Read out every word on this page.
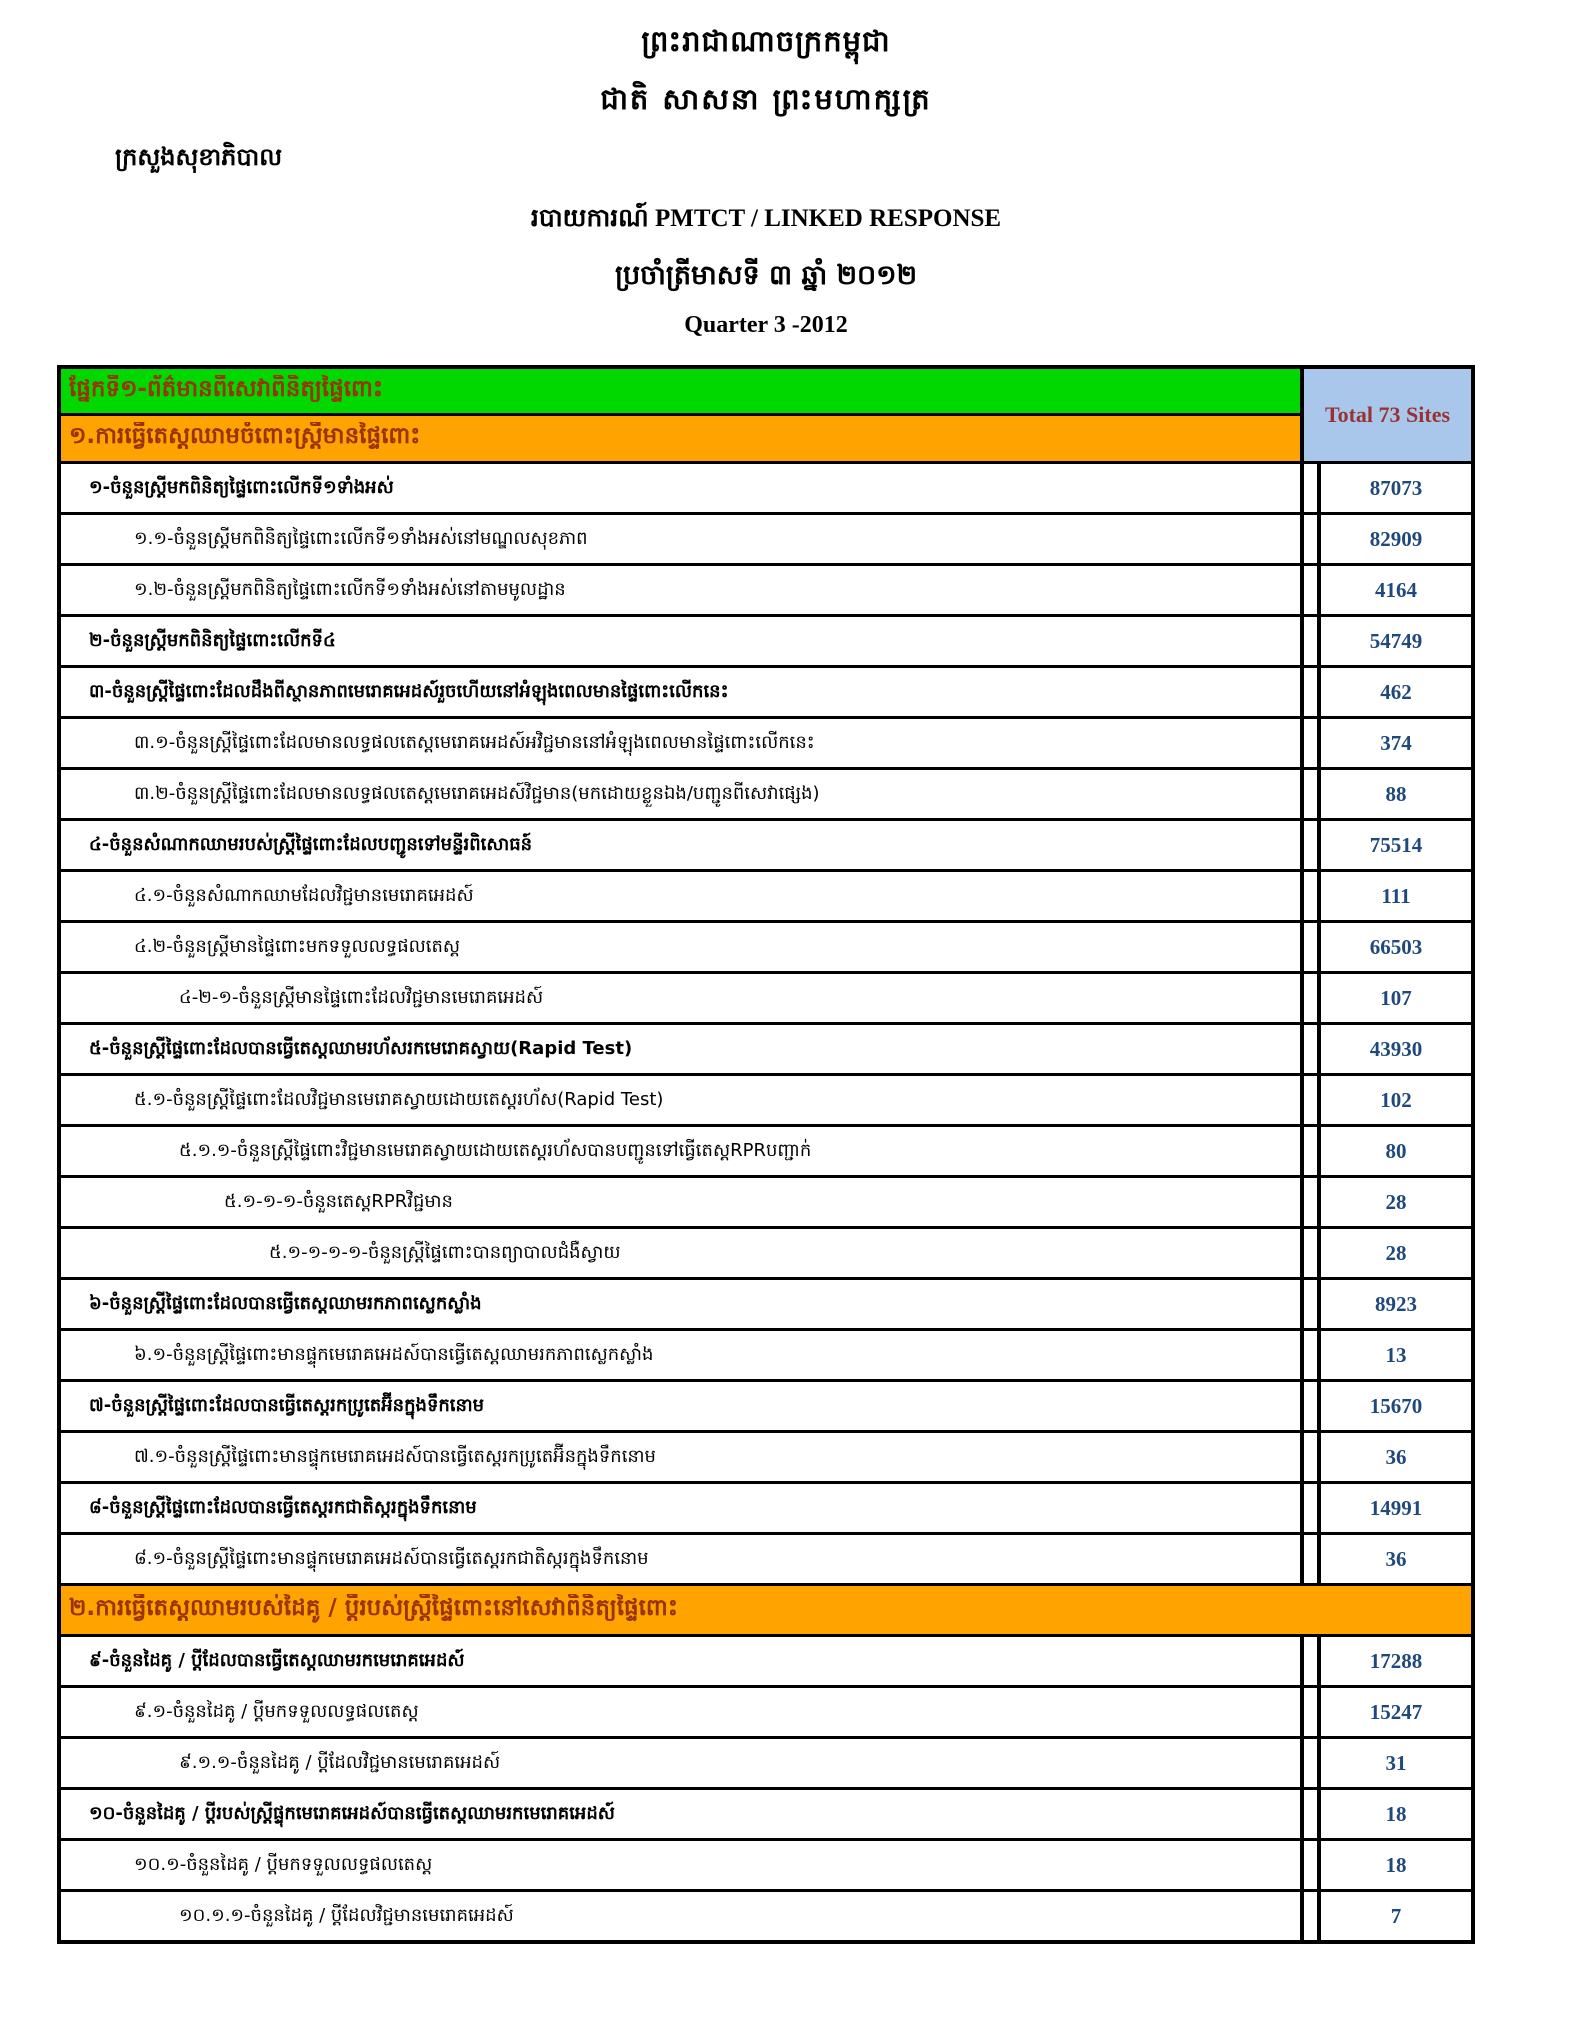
ព្រះរាជាណាចក្រកម្ពុជា
ជាតិ សាសនា ព្រះមហាក្សត្រ
ក្រសួងសុខាភិបាល
របាយការណ៍ PMTCT / LINKED RESPONSE
ប្រចាំត្រីមាសទី ៣ ឆ្នាំ ២០១២
Quarter 3 -2012
ផ្នែកទី១-ព័ត៌មានពីសេវាពិនិត្យផ្ទៃពោះ
១.ការធ្វើតេស្តឈាមចំពោះស្ត្រីមានផ្ទៃពោះ
Total 73 Sites
១-ចំនួនស្ត្រីមកពិនិត្យផ្ទៃពោះលើកទី១ទាំងអស់	87073
១.១-ចំនួនស្ត្រីមកពិនិត្យផ្ទៃពោះលើកទី១ទាំងអស់នៅមណ្ឌលសុខភាព	82909
១.២-ចំនួនស្ត្រីមកពិនិត្យផ្ទៃពោះលើកទី១ទាំងអស់នៅតាមមូលដ្ឋាន	4164
២-ចំនួនស្ត្រីមកពិនិត្យផ្ទៃពោះលើកទី៤	54749
៣-ចំនួនស្ត្រីផ្ទៃពោះដែលដឹងពីស្ថានភាពមេរោគអេដស៍រួចហើយនៅអំឡុងពេលមានផ្ទៃពោះលើកនេះ	462
៣.១-ចំនួនស្ត្រីផ្ទៃពោះដែលមានលទ្ធផលតេស្តមេរោគអេដស៍អវិជ្ជមាននៅអំឡុងពេលមានផ្ទៃពោះលើកនេះ	374
៣.២-ចំនួនស្ត្រីផ្ទៃពោះដែលមានលទ្ធផលតេស្តមេរោគអេដស៍វិជ្ជមាន(មកដោយខ្លួនឯង/បញ្ជូនពីសេវាផ្សេង)	88
៤-ចំនួនសំណាកឈាមរបស់ស្ត្រីផ្ទៃពោះដែលបញ្ជូនទៅមន្ទីរពិសោធន៍	75514
៤.១-ចំនួនសំណាកឈាមដែលវិជ្ជមានមេរោគអេដស៍	111
៤.២-ចំនួនស្ត្រីមានផ្ទៃពោះមកទទួលលទ្ធផលតេស្ត	66503
៤-២-១-ចំនួនស្ត្រីមានផ្ទៃពោះដែលវិជ្ជមានមេរោគអេដស៍	107
៥-ចំនួនស្ត្រីផ្ទៃពោះដែលបានធ្វើតេស្តឈាមរហ័សរកមេរោគស្វាយ(Rapid Test)	43930
៥.១-ចំនួនស្ត្រីផ្ទៃពោះដែលវិជ្ជមានមេរោគស្វាយដោយតេស្តរហ័ស(Rapid Test)	102
៥.១.១-ចំនួនស្ត្រីផ្ទៃពោះវិជ្ជមានមេរោគស្វាយដោយតេស្តរហ័សបានបញ្ជូនទៅធ្វើតេស្តRPRបញ្ជាក់	80
៥.១-១-១-ចំនួនតេស្តRPRវិជ្ជមាន	28
៥.១-១-១-១-ចំនួនស្ត្រីផ្ទៃពោះបានព្យាបាលជំងឺស្វាយ	28
៦-ចំនួនស្ត្រីផ្ទៃពោះដែលបានធ្វើតេស្តឈាមរកភាពស្លេកស្លាំង	8923
៦.១-ចំនួនស្ត្រីផ្ទៃពោះមានផ្ទុកមេរោគអេដស៍បានធ្វើតេស្តឈាមរកភាពស្លេកស្លាំង	13
៧-ចំនួនស្ត្រីផ្ទៃពោះដែលបានធ្វើតេស្តរកប្រូតេអ៊ីនក្នុងទឹកនោម	15670
៧.១-ចំនួនស្ត្រីផ្ទៃពោះមានផ្ទុកមេរោគអេដស៍បានធ្វើតេស្តរកប្រូតេអ៊ីនក្នុងទឹកនោម	36
៨-ចំនួនស្ត្រីផ្ទៃពោះដែលបានធ្វើតេស្តរកជាតិស្ករក្នុងទឹកនោម	14991
៨.១-ចំនួនស្ត្រីផ្ទៃពោះមានផ្ទុកមេរោគអេដស៍បានធ្វើតេស្តរកជាតិស្ករក្នុងទឹកនោម	36
២.ការធ្វើតេស្តឈាមរបស់ដៃគូ / ប្តីរបស់ស្ត្រីផ្ទៃពោះនៅសេវាពិនិត្យផ្ទៃពោះ
៩-ចំនួនដៃគូ / ប្តីដែលបានធ្វើតេស្តឈាមរកមេរោគអេដស៍	17288
៩.១-ចំនួនដៃគូ / ប្តីមកទទួលលទ្ធផលតេស្ត	15247
៩.១.១-ចំនួនដៃគូ / ប្តីដែលវិជ្ជមានមេរោគអេដស៍	31
១០-ចំនួនដៃគូ / ប្តីរបស់ស្ត្រីផ្ទុកមេរោគអេដស៍បានធ្វើតេស្តឈាមរកមេរោគអេដស៍	18
១០.១-ចំនួនដៃគូ / ប្តីមកទទួលលទ្ធផលតេស្ត	18
១០.១.១-ចំនួនដៃគូ / ប្តីដែលវិជ្ជមានមេរោគអេដស៍	7
